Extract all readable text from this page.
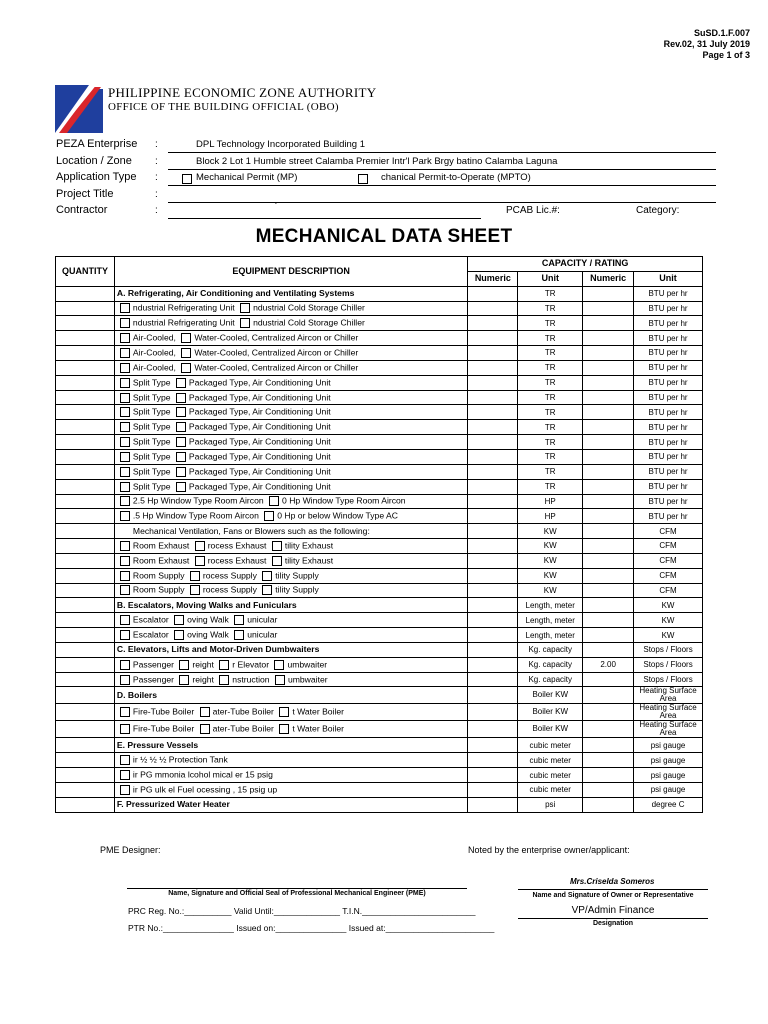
SuSD.1.F.007
Rev.02, 31 July 2019
Page 1 of 3
PHILIPPINE ECONOMIC ZONE AUTHORITY
OFFICE OF THE BUILDING OFFICIAL (OBO)
PEZA Enterprise :	DPL Technology Incorporated Building 1
Location / Zone :	Block 2 Lot 1 Humble street Calamba Premier Intr'l Park Brgy batino Calamba Laguna
Application Type :	Mechanical Permit (MP)	chanical Permit-to-Operate (MPTO)
Project Title	:
Contractor	:	`	PCAB Lic.#:	Category:
MECHANICAL DATA SHEET
QUANTITY	EQUIPMENT DESCRIPTION	CAPACITY / RATING			
		Numeric	Unit	Numeric	Unit
	A. Refrigerating, Air Conditioning and Ventilating Systems		TR		BTU per hr
	ndustrial Refrigerating Unit ndustrial Cold Storage Chiller		TR		BTU per hr
	ndustrial Refrigerating Unit ndustrial Cold Storage Chiller		TR		BTU per hr
	Air-Cooled, Water-Cooled, Centralized Aircon or Chiller		TR		BTU per hr
	Air-Cooled, Water-Cooled, Centralized Aircon or Chiller		TR		BTU per hr
	Air-Cooled, Water-Cooled, Centralized Aircon or Chiller		TR		BTU per hr
	Split Type Packaged Type, Air Conditioning Unit		TR		BTU per hr
	Split Type Packaged Type, Air Conditioning Unit		TR		BTU per hr
	Split Type Packaged Type, Air Conditioning Unit		TR		BTU per hr
	Split Type Packaged Type, Air Conditioning Unit		TR		BTU per hr
	Split Type Packaged Type, Air Conditioning Unit		TR		BTU per hr
	Split Type Packaged Type, Air Conditioning Unit		TR		BTU per hr
	Split Type Packaged Type, Air Conditioning Unit		TR		BTU per hr
	Split Type Packaged Type, Air Conditioning Unit		TR		BTU per hr
	2.5 Hp Window Type Room Aircon 0 Hp Window Type Room Aircon		HP		BTU per hr
	.5 Hp Window Type Room Aircon 0 Hp or below Window Type AC		HP		BTU per hr
	Mechanical Ventilation, Fans or Blowers such as the following:		KW		CFM
	Room Exhaust rocess Exhaust tility Exhaust		KW		CFM
	Room Exhaust rocess Exhaust tility Exhaust		KW		CFM
	Room Supply rocess Supply tility Supply		KW		CFM
	Room Supply rocess Supply tility Supply		KW		CFM
	B. Escalators, Moving Walks and Funiculars		Length, meter		KW
	Escalator oving Walk unicular		Length, meter		KW
	Escalator oving Walk unicular		Length, meter		KW
	C. Elevators, Lifts and Motor-Driven Dumbwaiters		Kg. capacity		Stops / Floors
	Passenger reight r Elevator umbwaiter		Kg. capacity	2.00	Stops / Floors
	Passenger reight nstruction umbwaiter		Kg. capacity		Stops / Floors
	D. Boilers		Boiler KW		Heating Surface Area
	Fire-Tube Boiler ater-Tube Boiler t Water Boiler		Boiler KW		Heating Surface Area
	Fire-Tube Boiler ater-Tube Boiler t Water Boiler		Boiler KW		Heating Surface Area
	E. Pressure Vessels		cubic meter		psi gauge
	ir ½ ½ ½ Protection Tank		cubic meter		psi gauge
	ir PG mmonia lcohol mical er 15 psig		cubic meter		psi gauge
	ir PG ulk el Fuel ocessing , 15 psig up		cubic meter		psi gauge
	F. Pressurized Water Heater		psi		degree C
PME Designer:	Noted by the enterprise owner/applicant:
Mrs.Criselda Someros
Name, Signature and Official Seal of Professional Mechanical Engineer (PME)	Name and Signature of Owner or Representative
VP/Admin Finance
Designation
PRC Reg. No.:__________ Valid Until:______________ T.I.N.________________________
PTR No.:_______________ Issued on:_______________ Issued at:_______________________
